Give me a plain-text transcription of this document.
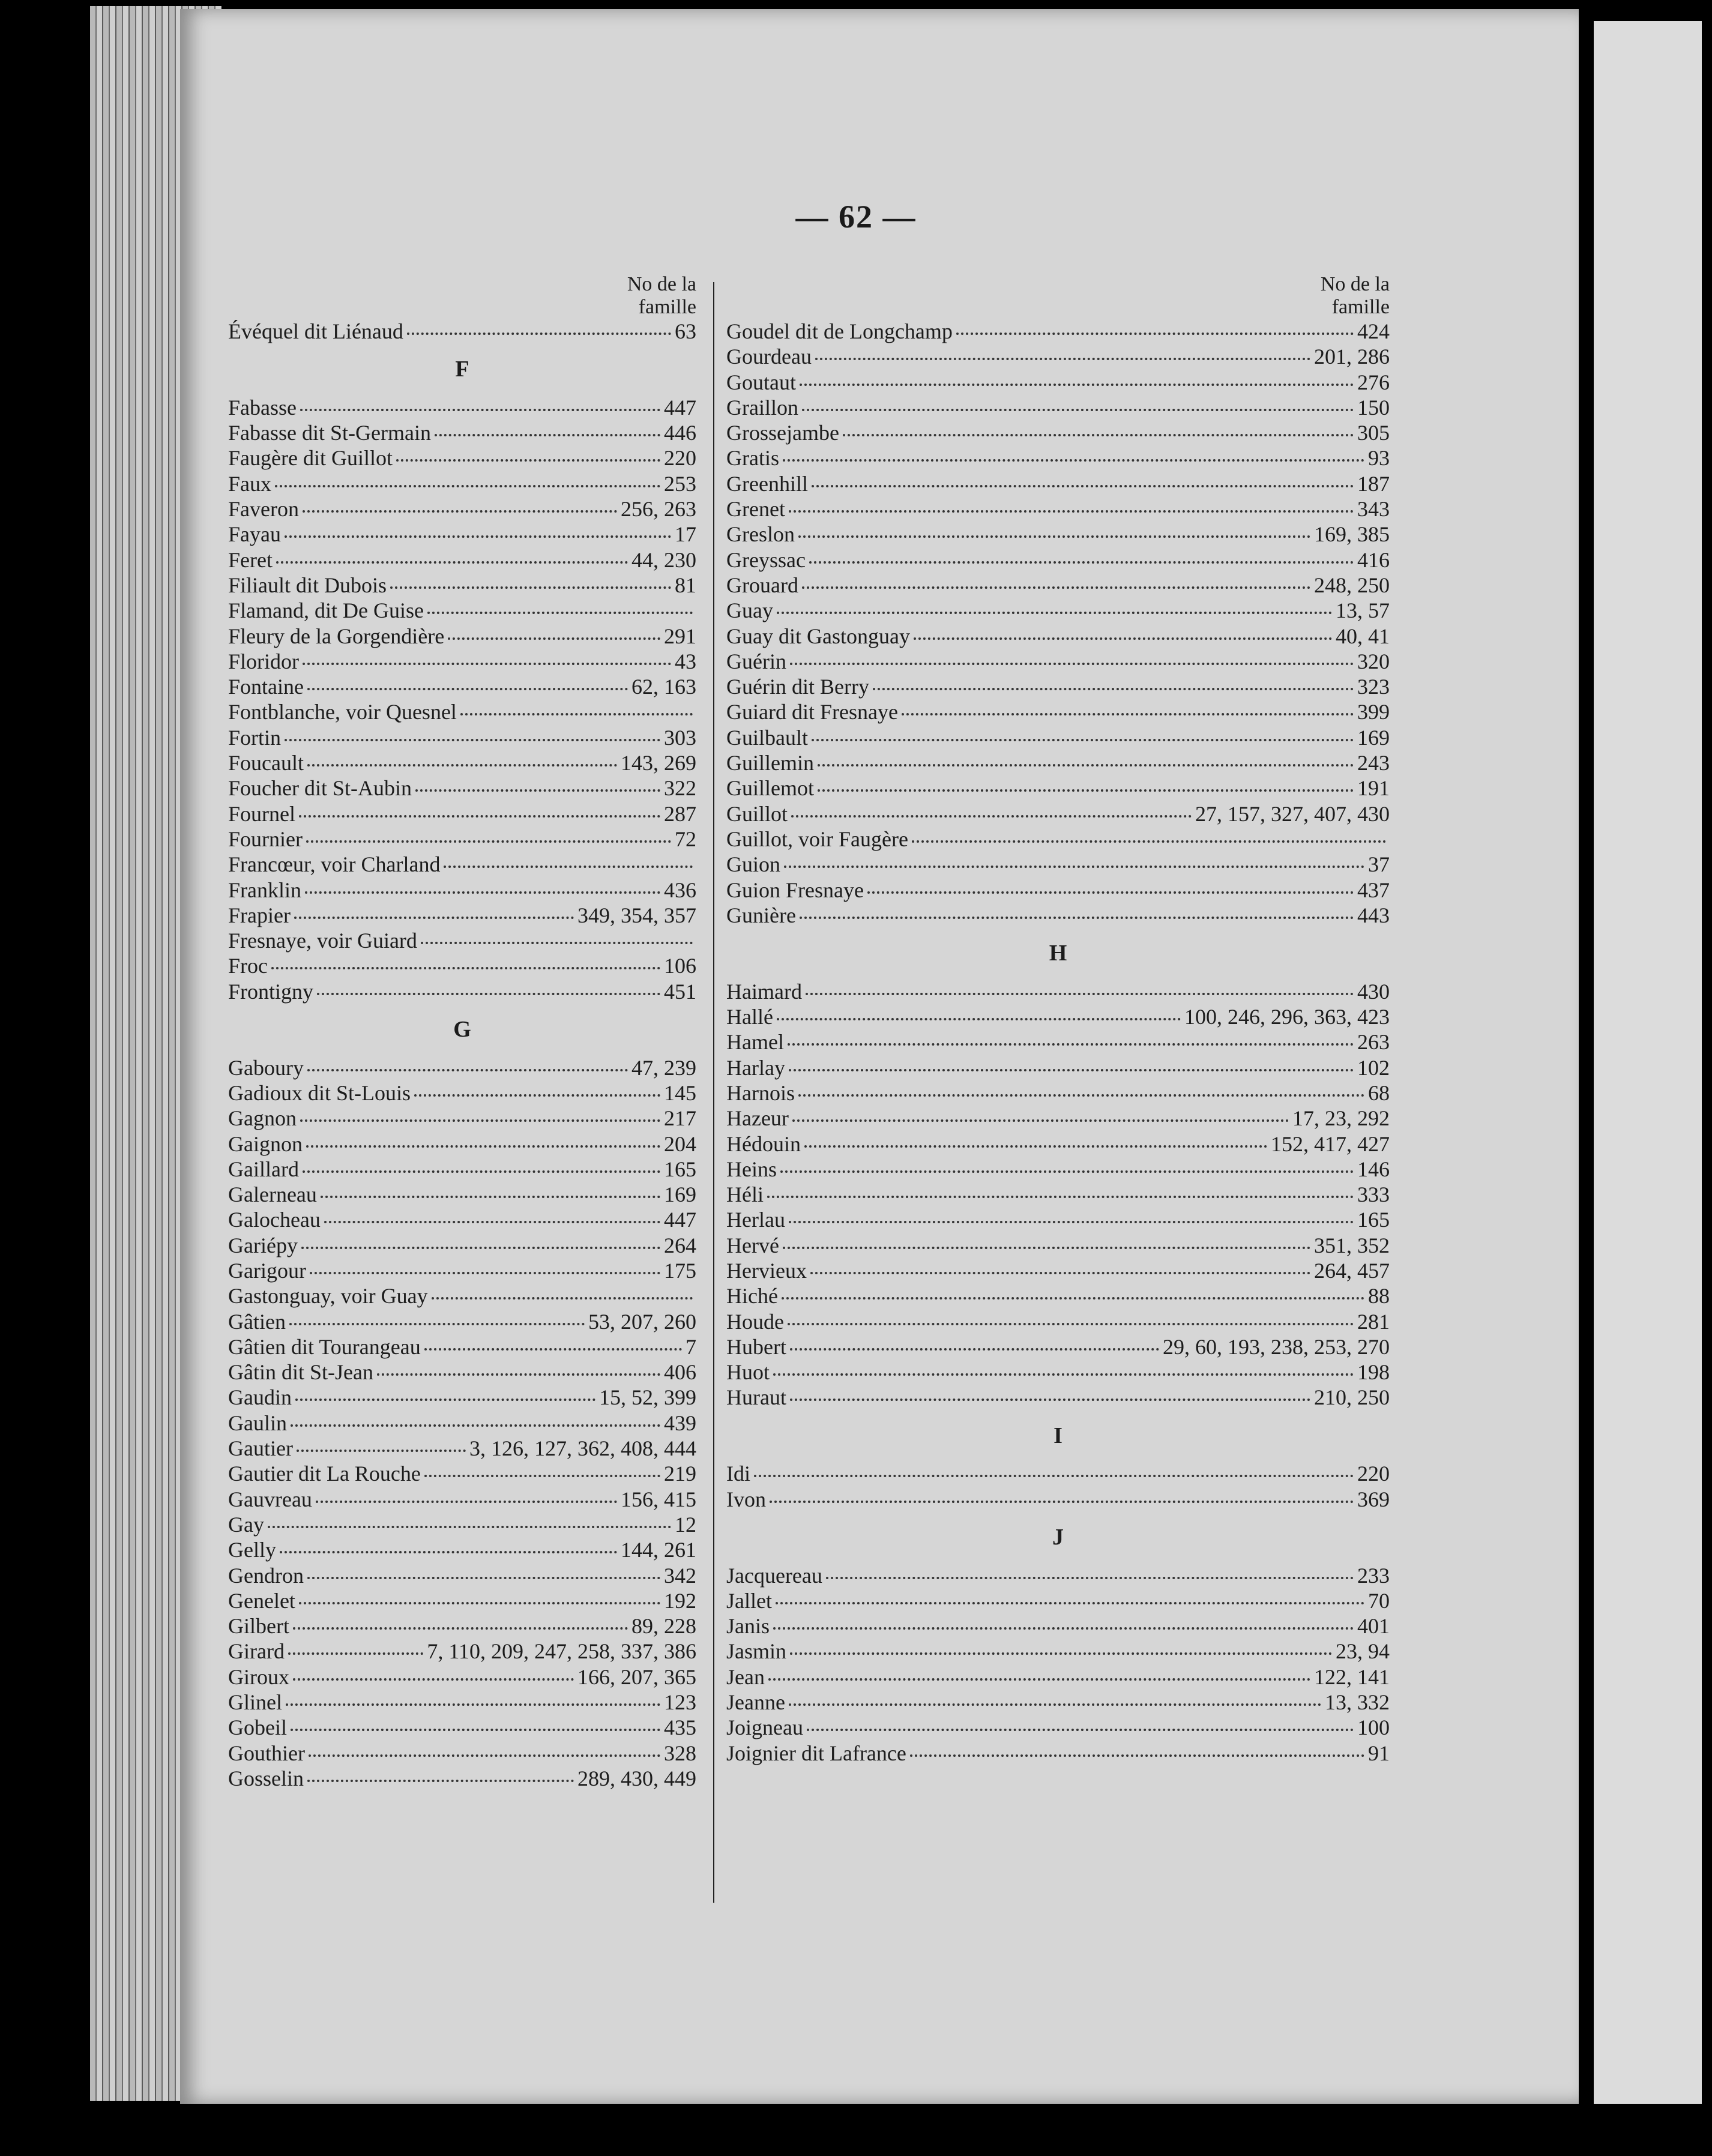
— 62 —
No de la
famille
Évéquel dit Liénaud	63
F
Fabasse	447
Fabasse dit St-Germain	446
Faugère dit Guillot	220
Faux	253
Faveron	256, 263
Fayau	17
Feret	44, 230
Filiault dit Dubois	81
Flamand, dit De Guise
Fleury de la Gorgendière	291
Floridor	43
Fontaine	62, 163
Fontblanche, voir Quesnel
Fortin	303
Foucault	143, 269
Foucher dit St-Aubin	322
Fournel	287
Fournier	72
Francœur, voir Charland
Franklin	436
Frapier	349, 354, 357
Fresnaye, voir Guiard
Froc	106
Frontigny	451
G
Gaboury	47, 239
Gadioux dit St-Louis	145
Gagnon	217
Gaignon	204
Gaillard	165
Galerneau	169
Galocheau	447
Gariépy	264
Garigour	175
Gastonguay, voir Guay
Gâtien	53, 207, 260
Gâtien dit Tourangeau	7
Gâtin dit St-Jean	406
Gaudin	15, 52, 399
Gaulin	439
Gautier	3, 126, 127, 362, 408, 444
Gautier dit La Rouche	219
Gauvreau	156, 415
Gay	12
Gelly	144, 261
Gendron	342
Genelet	192
Gilbert	89, 228
Girard	7, 110, 209, 247, 258, 337, 386
Giroux	166, 207, 365
Glinel	123
Gobeil	435
Gouthier	328
Gosselin	289, 430, 449
No de la
famille
Goudel dit de Longchamp	424
Gourdeau	201, 286
Goutaut	276
Graillon	150
Grossejambe	305
Gratis	93
Greenhill	187
Grenet	343
Greslon	169, 385
Greyssac	416
Grouard	248, 250
Guay	13, 57
Guay dit Gastonguay	40, 41
Guérin	320
Guérin dit Berry	323
Guiard dit Fresnaye	399
Guilbault	169
Guillemin	243
Guillemot	191
Guillot	27, 157, 327, 407, 430
Guillot, voir Faugère
Guion	37
Guion Fresnaye	437
Gunière	443
H
Haimard	430
Hallé	100, 246, 296, 363, 423
Hamel	263
Harlay	102
Harnois	68
Hazeur	17, 23, 292
Hédouin	152, 417, 427
Heins	146
Héli	333
Herlau	165
Hervé	351, 352
Hervieux	264, 457
Hiché	88
Houde	281
Hubert	29, 60, 193, 238, 253, 270
Huot	198
Huraut	210, 250
I
Idi	220
Ivon	369
J
Jacquereau	233
Jallet	70
Janis	401
Jasmin	23, 94
Jean	122, 141
Jeanne	13, 332
Joigneau	100
Joignier dit Lafrance	91
